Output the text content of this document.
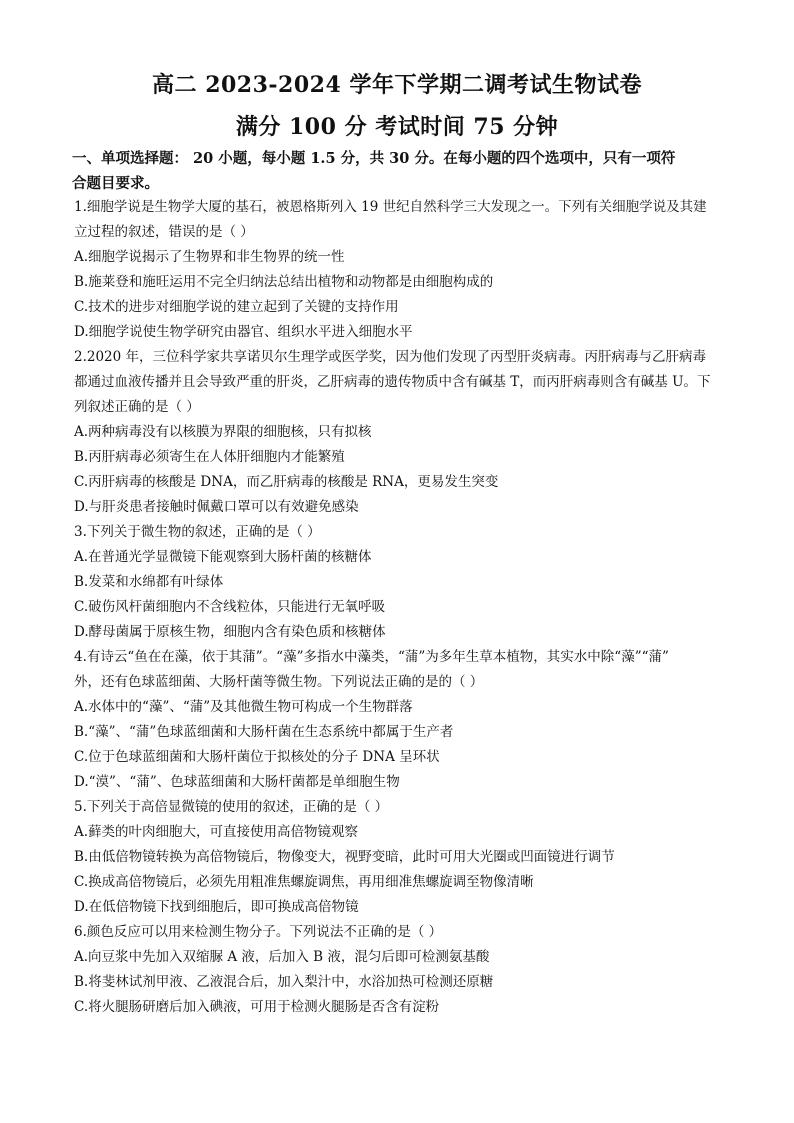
高二 2023-2024 学年下学期二调考试生物试卷
满分 100 分 考试时间 75 分钟
一、单项选择题： 20 小题，每小题 1.5 分，共 30 分。在每小题的四个选项中，只有一项符
合题目要求。
1.细胞学说是生物学大厦的基石，被恩格斯列入 19 世纪自然科学三大发现之一。下列有关细胞学说及其建
立过程的叙述，错误的是（ ）
A.细胞学说揭示了生物界和非生物界的统一性
B.施莱登和施旺运用不完全归纳法总结出植物和动物都是由细胞构成的
C.技术的进步对细胞学说的建立起到了关键的支持作用
D.细胞学说使生物学研究由器官、组织水平进入细胞水平
2.2020 年，三位科学家共享诺贝尔生理学或医学奖，因为他们发现了丙型肝炎病毒。丙肝病毒与乙肝病毒
都通过血液传播并且会导致严重的肝炎，乙肝病毒的遗传物质中含有碱基 T，而丙肝病毒则含有碱基 U。下
列叙述正确的是（ ）
A.两种病毒没有以核膜为界限的细胞核，只有拟核
B.丙肝病毒必须寄生在人体肝细胞内才能繁殖
C.丙肝病毒的核酸是 DNA，而乙肝病毒的核酸是 RNA，更易发生突变
D.与肝炎患者接触时佩戴口罩可以有效避免感染
3.下列关于微生物的叙述，正确的是（ ）
A.在普通光学显微镜下能观察到大肠杆菌的核糖体
B.发菜和水绵都有叶绿体
C.破伤风杆菌细胞内不含线粒体，只能进行无氧呼吸
D.酵母菌属于原核生物，细胞内含有染色质和核糖体
4.有诗云“鱼在在藻，依于其蒲”。“藻”多指水中藻类，“蒲”为多年生草本植物，其实水中除“藻”“蒲”
外，还有色球蓝细菌、大肠杆菌等微生物。下列说法正确的是的（ ）
A.水体中的“藻”、“蒲”及其他微生物可构成一个生物群落
B.“藻”、“蒲”色球蓝细菌和大肠杆菌在生态系统中都属于生产者
C.位于色球蓝细菌和大肠杆菌位于拟核处的分子 DNA 呈环状
D.“漠”、“蒲”、色球蓝细菌和大肠杆菌都是单细胞生物
5.下列关于高倍显微镜的使用的叙述，正确的是（ ）
A.藓类的叶肉细胞大，可直接使用高倍物镜观察
B.由低倍物镜转换为高倍物镜后，物像变大，视野变暗，此时可用大光圈或凹面镜进行调节
C.换成高倍物镜后，必须先用粗准焦螺旋调焦，再用细准焦螺旋调至物像清晰
D.在低倍物镜下找到细胞后，即可换成高倍物镜
6.颜色反应可以用来检测生物分子。下列说法不正确的是（ ）
A.向豆浆中先加入双缩脲 A 液，后加入 B 液，混匀后即可检测氨基酸
B.将斐林试剂甲液、乙液混合后，加入梨汁中，水浴加热可检测还原糖
C.将火腿肠研磨后加入碘液，可用于检测火腿肠是否含有淀粉
